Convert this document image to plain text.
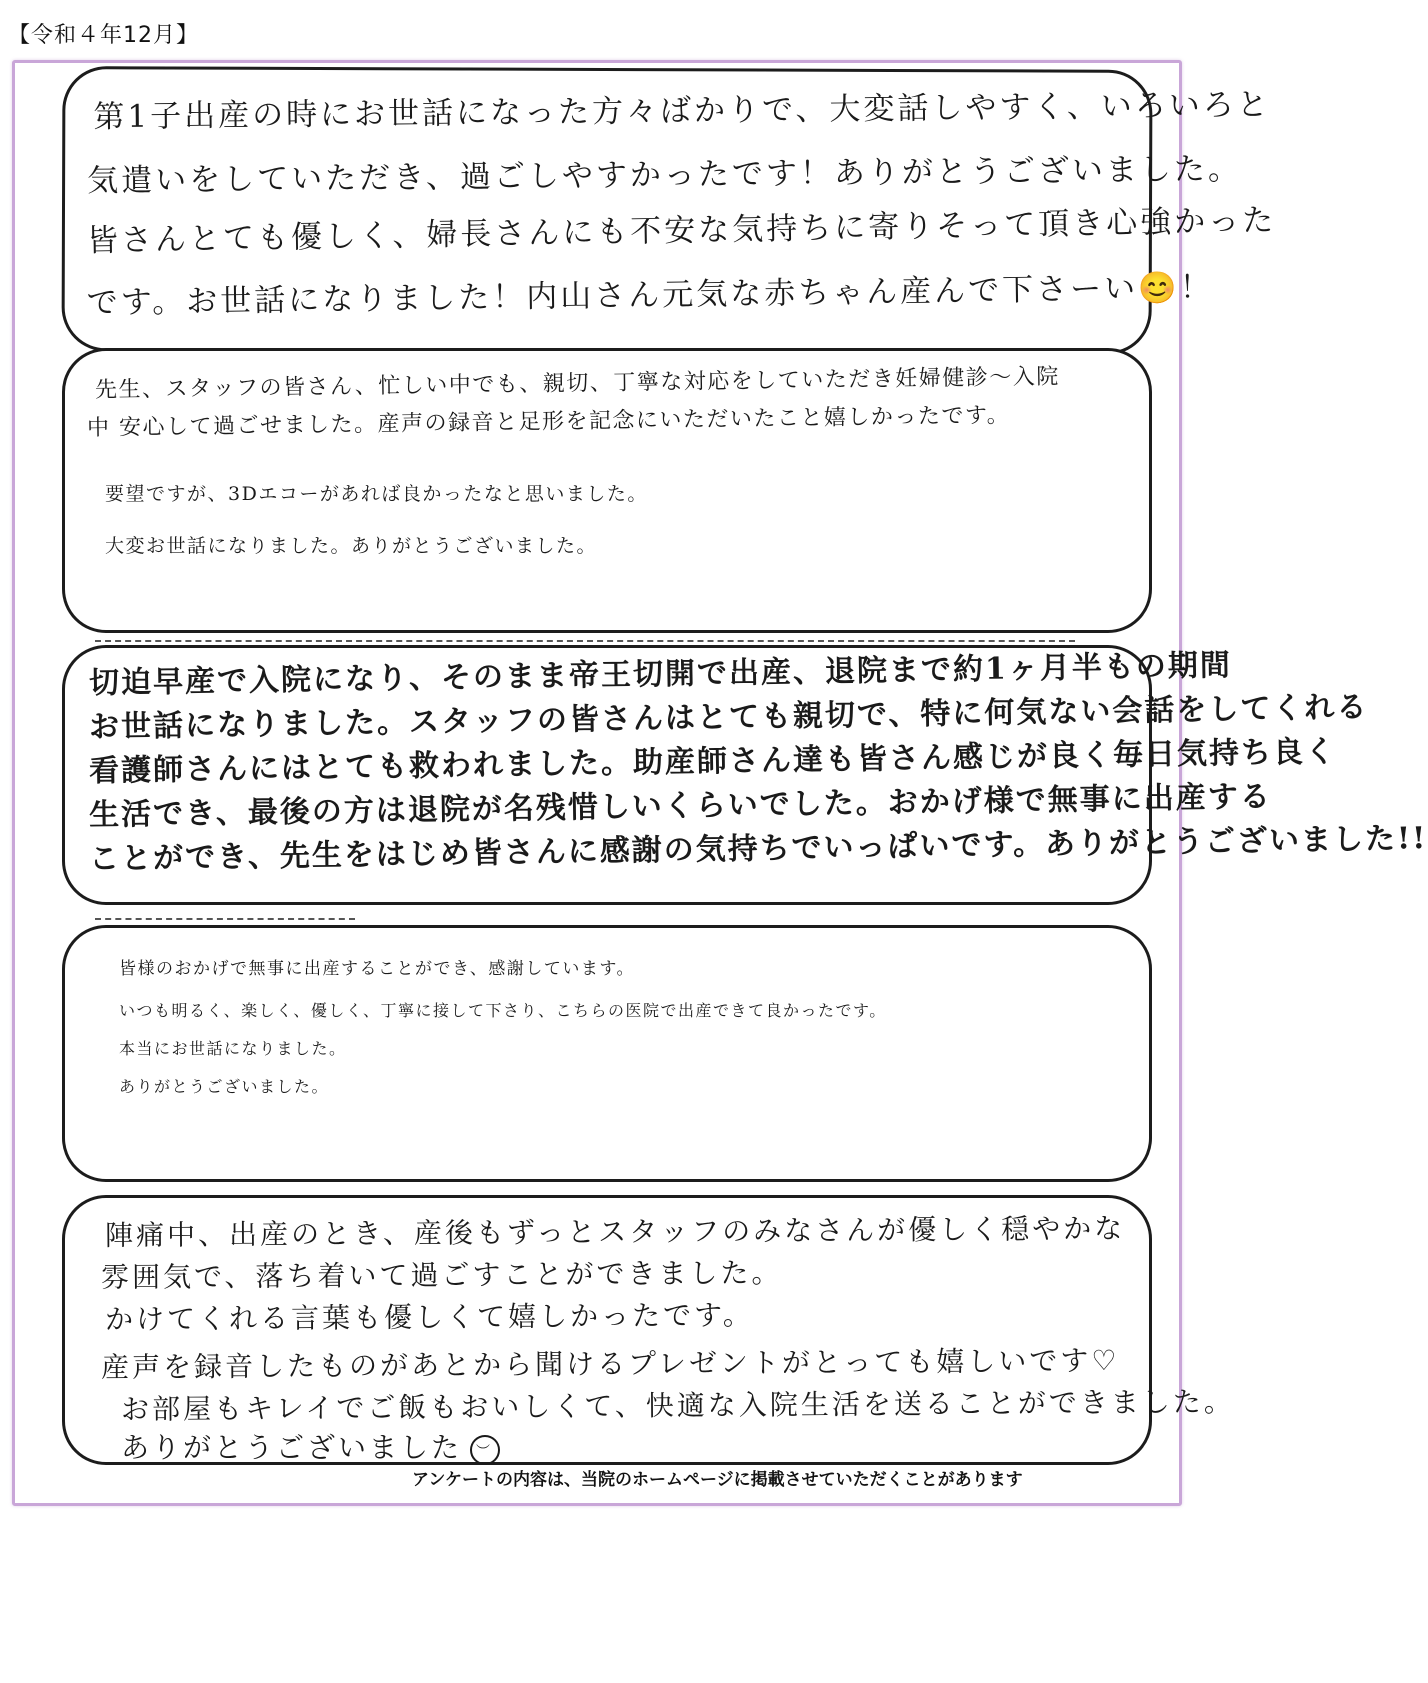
【令和４年12月】
第1子出産の時にお世話になった方々ばかりで、大変話しやすく、いろいろと
気遣いをしていただき、過ごしやすかったです！ありがとうございました。
皆さんとても優しく、婦長さんにも不安な気持ちに寄りそって頂き心強かった
です。お世話になりました！内山さん元気な赤ちゃん産んで下さーい😊！
先生、スタッフの皆さん、忙しい中でも、親切、丁寧な対応をしていただき妊婦健診～入院
中 安心して過ごせました。産声の録音と足形を記念にいただいたこと嬉しかったです。
要望ですが、3Dエコーがあれば良かったなと思いました。
大変お世話になりました。ありがとうございました。
切迫早産で入院になり、そのまま帝王切開で出産、退院まで約1ヶ月半もの期間
お世話になりました。スタッフの皆さんはとても親切で、特に何気ない会話をしてくれる
看護師さんにはとても救われました。助産師さん達も皆さん感じが良く毎日気持ち良く
生活でき、最後の方は退院が名残惜しいくらいでした。おかげ様で無事に出産する
ことができ、先生をはじめ皆さんに感謝の気持ちでいっぱいです。ありがとうございました!!
皆様のおかげで無事に出産することができ、感謝しています。
いつも明るく、楽しく、優しく、丁寧に接して下さり、こちらの医院で出産できて良かったです。
本当にお世話になりました。
ありがとうございました。
陣痛中、出産のとき、産後もずっとスタッフのみなさんが優しく穏やかな
雰囲気で、落ち着いて過ごすことができました。
かけてくれる言葉も優しくて嬉しかったです。
産声を録音したものがあとから聞けるプレゼントがとっても嬉しいです♡
お部屋もキレイでご飯もおいしくて、快適な入院生活を送ることができました。
ありがとうございました︶
アンケートの内容は、当院のホームページに掲載させていただくことがあります
